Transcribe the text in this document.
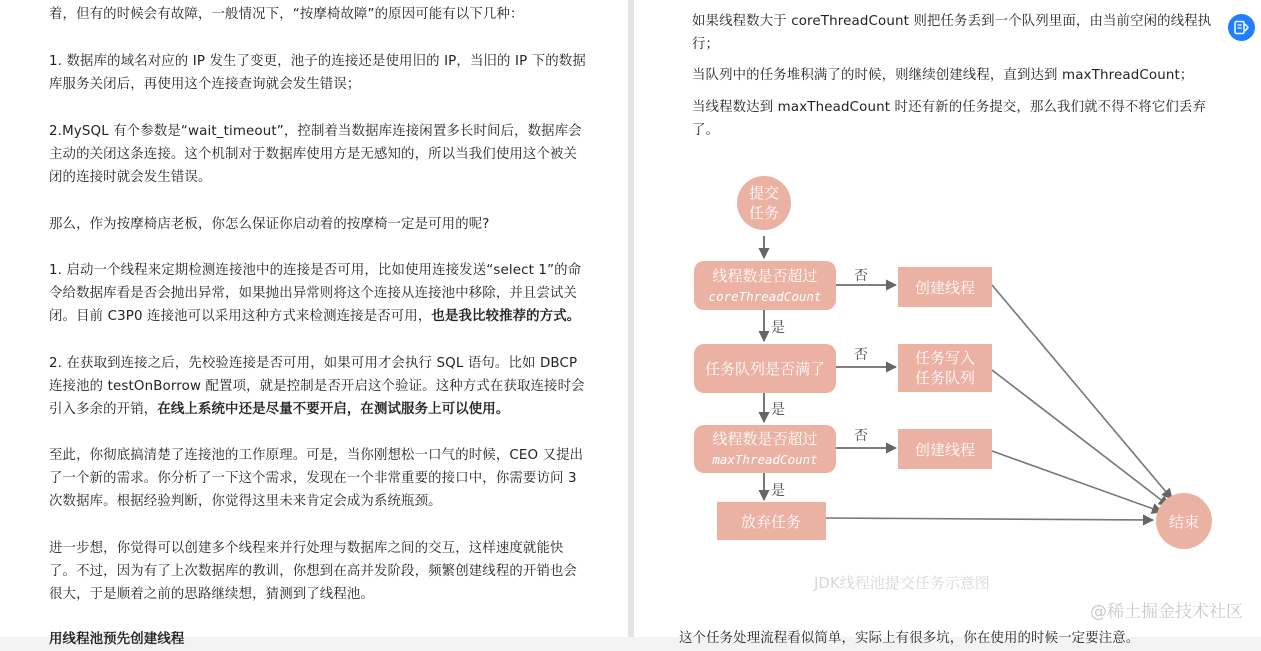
着，但有的时候会有故障，一般情况下，“按摩椅故障”的原因可能有以下几种：
1. 数据库的域名对应的 IP 发生了变更，池子的连接还是使用旧的 IP，当旧的 IP 下的数据库服务关闭后，再使用这个连接查询就会发生错误；
2.MySQL 有个参数是“wait_timeout”，控制着当数据库连接闲置多长时间后，数据库会主动的关闭这条连接。这个机制对于数据库使用方是无感知的，所以当我们使用这个被关闭的连接时就会发生错误。
那么，作为按摩椅店老板，你怎么保证你启动着的按摩椅一定是可用的呢?
1. 启动一个线程来定期检测连接池中的连接是否可用，比如使用连接发送“select 1”的命令给数据库看是否会抛出异常，如果抛出异常则将这个连接从连接池中移除，并且尝试关闭。目前 C3P0 连接池可以采用这种方式来检测连接是否可用，也是我比较推荐的方式。
2. 在获取到连接之后，先校验连接是否可用，如果可用才会执行 SQL 语句。比如 DBCP 连接池的 testOnBorrow 配置项，就是控制是否开启这个验证。这种方式在获取连接时会引入多余的开销，在线上系统中还是尽量不要开启，在测试服务上可以使用。
至此，你彻底搞清楚了连接池的工作原理。可是，当你刚想松一口气的时候，CEO 又提出了一个新的需求。你分析了一下这个需求，发现在一个非常重要的接口中，你需要访问 3 次数据库。根据经验判断，你觉得这里未来肯定会成为系统瓶颈。
进一步想，你觉得可以创建多个线程来并行处理与数据库之间的交互，这样速度就能快了。不过，因为有了上次数据库的教训，你想到在高并发阶段，频繁创建线程的开销也会很大，于是顺着之前的思路继续想，猜测到了线程池。
用线程池预先创建线程
如果线程数大于 coreThreadCount 则把任务丢到一个队列里面，由当前空闲的线程执行；
当队列中的任务堆积满了的时候，则继续创建线程，直到达到 maxThreadCount；
当线程数达到 maxTheadCount 时还有新的任务提交，那么我们就不得不将它们丢弃了。
提交
任务
线程数是否超过
coreThreadCount
任务队列是否满了
线程数是否超过
maxThreadCount
放弃任务
创建线程
任务写入
任务队列
创建线程
结束
是
是
是
否
否
否
JDK线程池提交任务示意图
@稀土掘金技术社区
这个任务处理流程看似简单，实际上有很多坑，你在使用的时候一定要注意。
